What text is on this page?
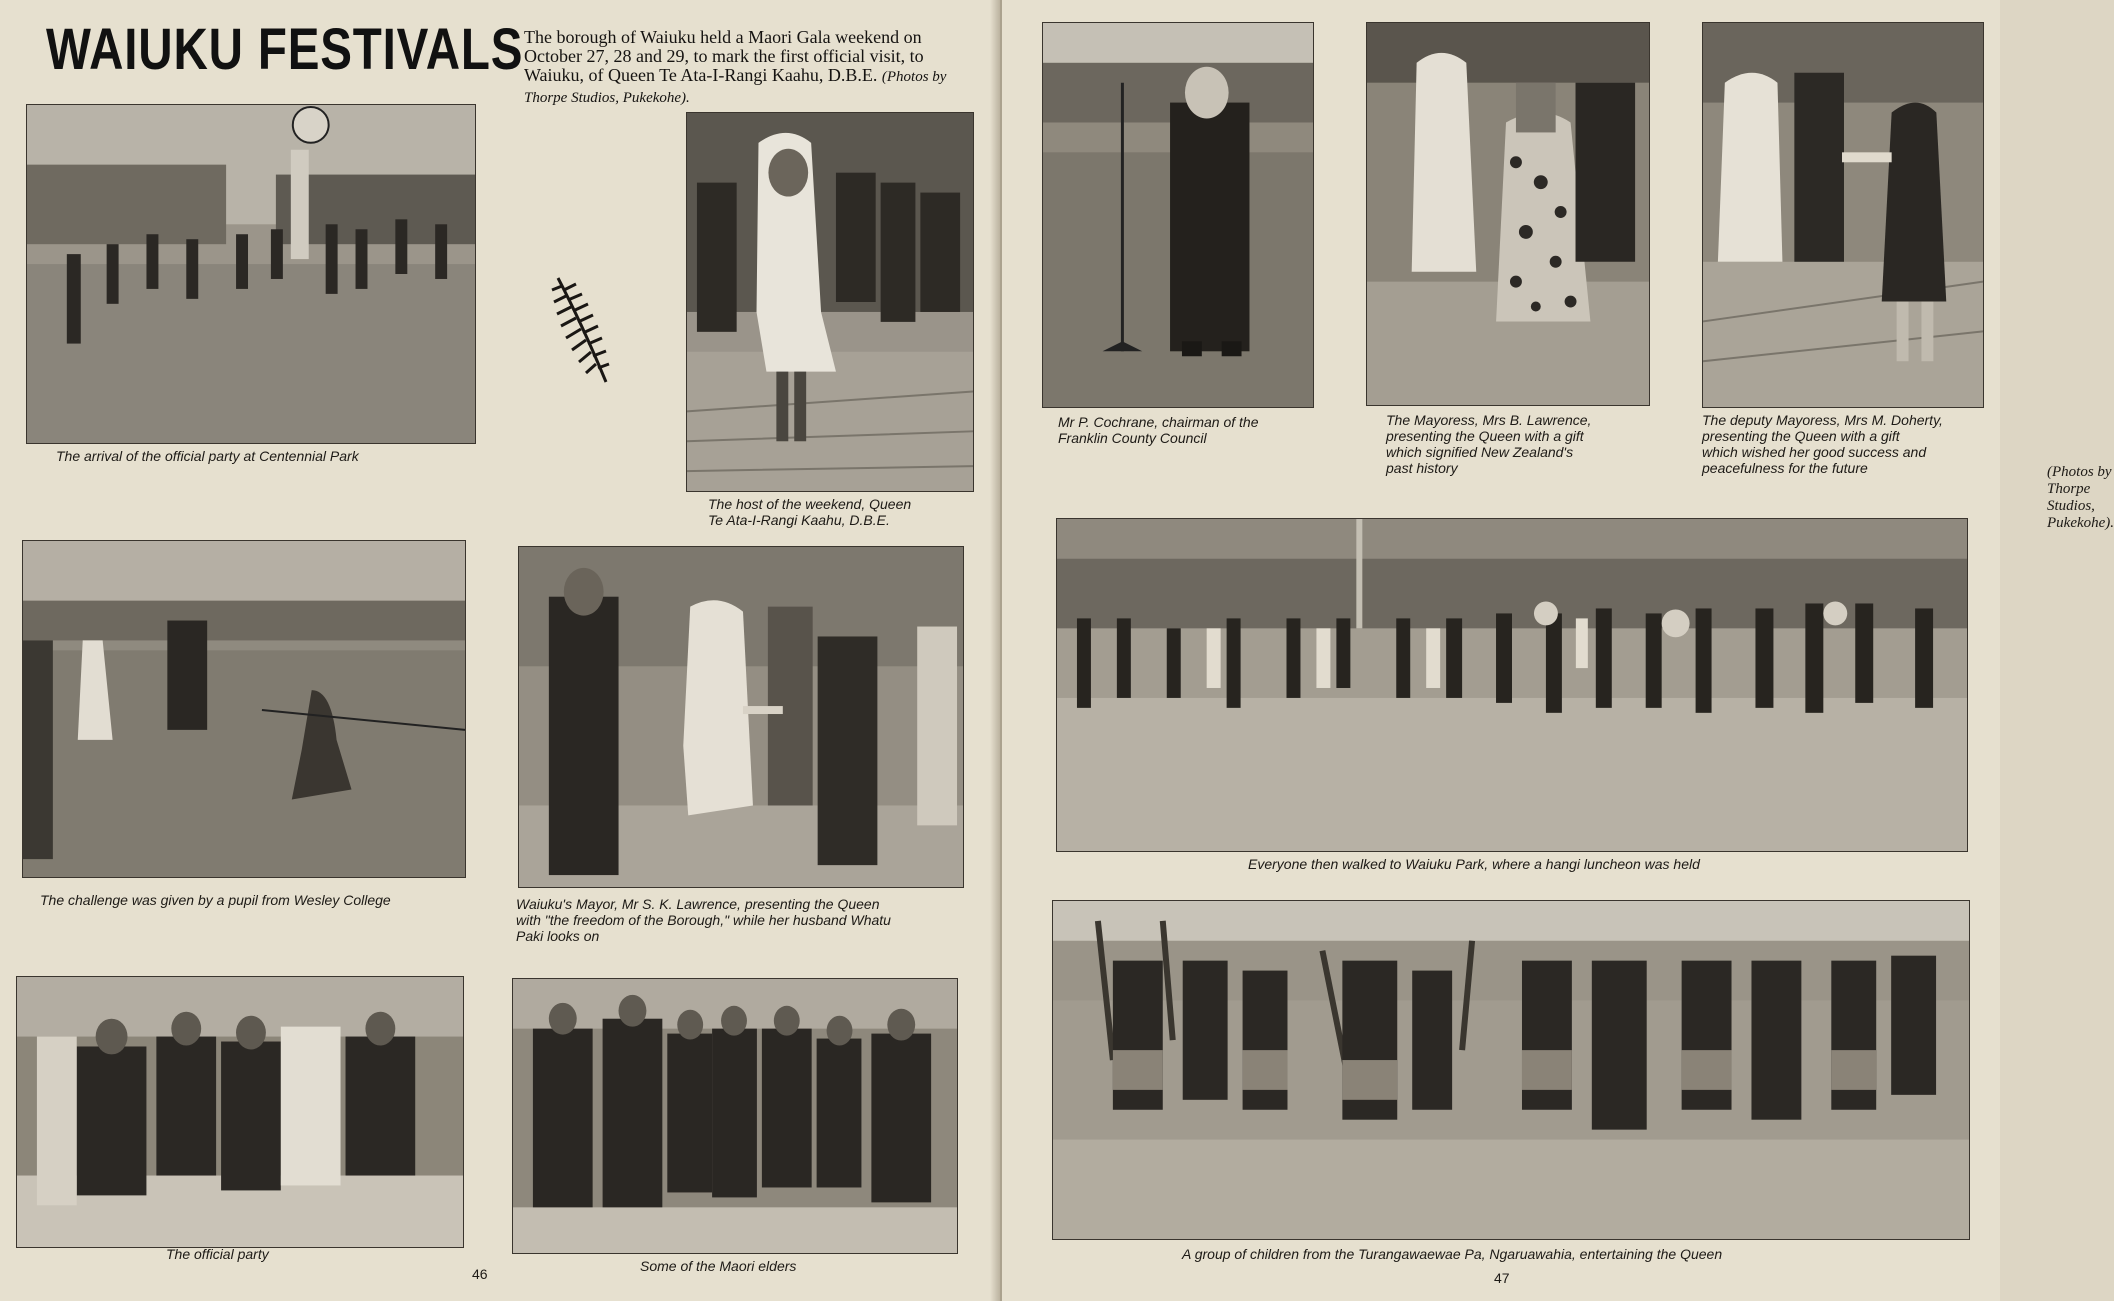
WAIUKU FESTIVALS The borough of Waiuku held a Maori Gala weekend on October 27, 28 and 29, to mark the first official visit, to Waiuku, of Queen Te Ata-I-Rangi Kaahu, D.B.E. (Photos by Thorpe Studios, Pukekohe).
The arrival of the official party at Centennial Park
The host of the weekend, Queen
Te Ata-I-Rangi Kaahu, D.B.E.
The challenge was given by a pupil from Wesley College	Waiuku's Mayor, Mr S. K. Lawrence, presenting the Queen
with "the freedom of the Borough," while her husband Whatu
Paki looks on
The official party
Some of the Maori elders
46
Mr P. Cochrane, chairman of the
Franklin County Council
(Photos by Thorpe Studios, Pukekohe).
The Mayoress, Mrs B. Lawrence,
presenting the Queen with a gift
which signified New Zealand's
past history
The deputy Mayoress, Mrs M. Doherty,
presenting the Queen with a gift
which wished her good success and
peacefulness for the future
Everyone then walked to Waiuku Park, where a hangi luncheon was held
A group of children from the Turangawaewae Pa, Ngaruawahia, entertaining the Queen
47
